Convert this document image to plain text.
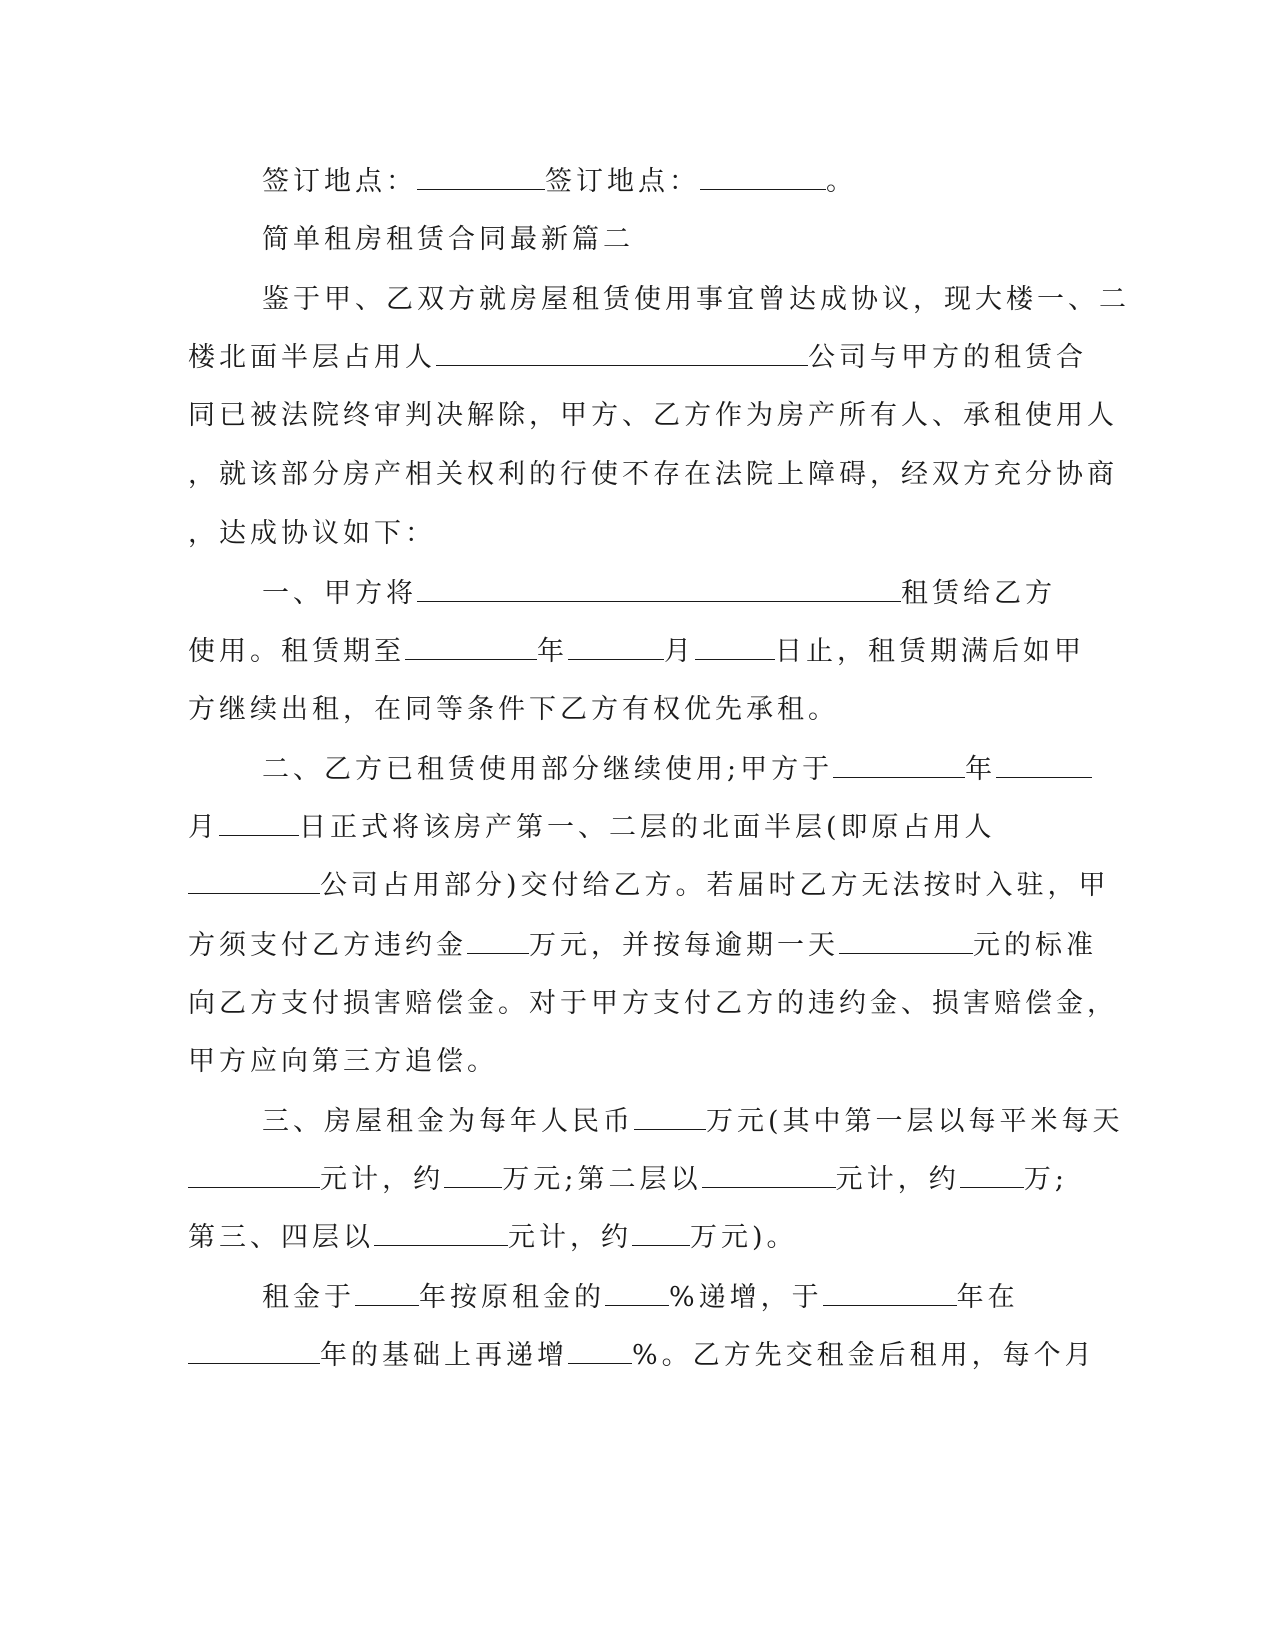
签订地点：	签订地点：	。
简单租房租赁合同最新篇二
鉴于甲、乙双方就房屋租赁使用事宜曾达成协议，现大楼一、二
楼北面半层占用人	公司与甲方的租赁合
同已被法院终审判决解除，甲方、乙方作为房产所有人、承租使用人
，就该部分房产相关权利的行使不存在法院上障碍，经双方充分协商
，达成协议如下：
一、甲方将	租赁给乙方
使用。租赁期至	年	月	日止，租赁期满后如甲
方继续出租，在同等条件下乙方有权优先承租。
二、乙方已租赁使用部分继续使用;甲方于	年
月	日正式将该房产第一、二层的北面半层(即原占用人
公司占用部分)交付给乙方。若届时乙方无法按时入驻，甲
方须支付乙方违约金 万元，并按每逾期一天	元的标准
向乙方支付损害赔偿金。对于甲方支付乙方的违约金、损害赔偿金，
甲方应向第三方追偿。
三、房屋租金为每年人民币	万元(其中第一层以每平米每天
元计，约 万元;第二层以	元计，约 万;
第三、四层以	元计，约 万元)。
租金于 年按原租金的 %递增，于	年在
年的基础上再递增 %。乙方先交租金后租用，每个月
